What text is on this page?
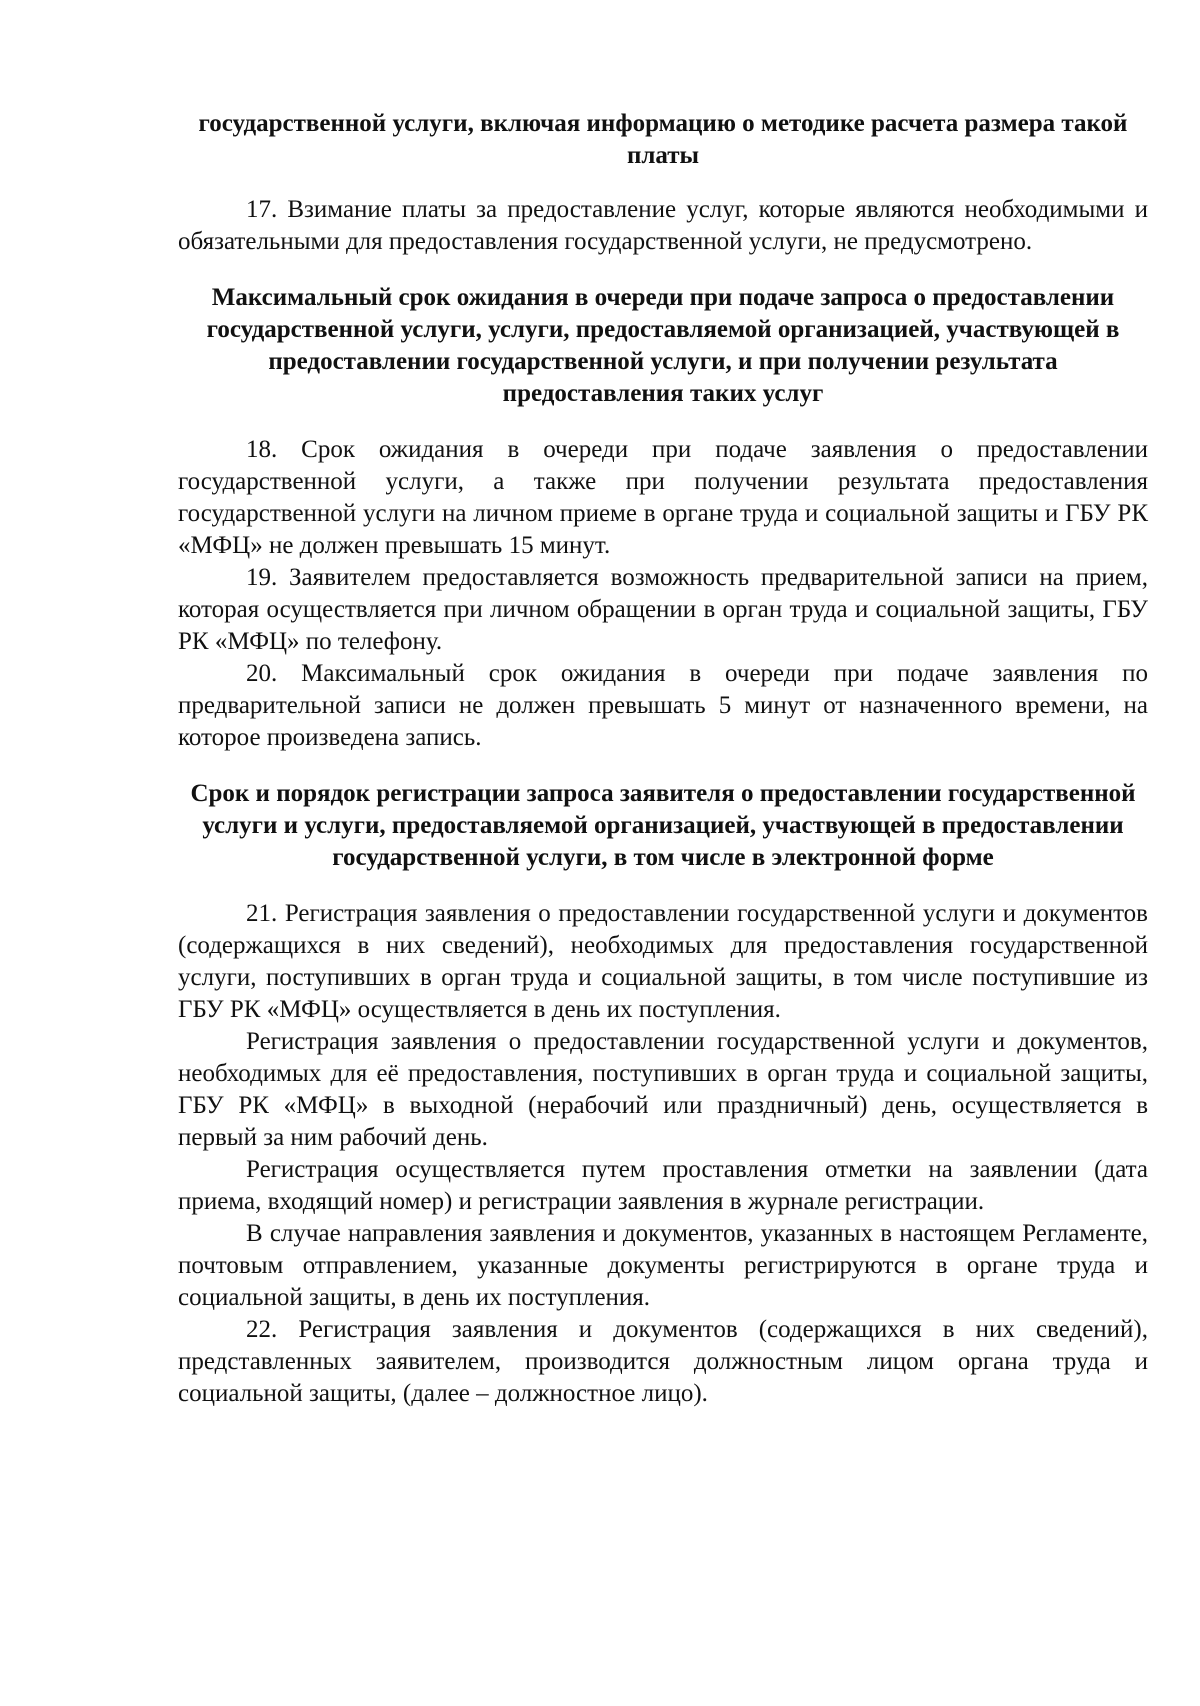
государственной услуги, включая информацию о методике расчета размера такой платы

17. Взимание платы за предоставление услуг, которые являются необходимыми и обязательными для предоставления государственной услуги, не предусмотрено.

Максимальный срок ожидания в очереди при подаче запроса о предоставлении государственной услуги, услуги, предоставляемой организацией, участвующей в предоставлении государственной услуги, и при получении результата предоставления таких услуг

18. Срок ожидания в очереди при подаче заявления о предоставлении государственной услуги, а также при получении результата предоставления государственной услуги на личном приеме в органе труда и социальной защиты и ГБУ РК «МФЦ» не должен превышать 15 минут.

19. Заявителем предоставляется возможность предварительной записи на прием, которая осуществляется при личном обращении в орган труда и социальной защиты, ГБУ РК «МФЦ» по телефону.

20. Максимальный срок ожидания в очереди при подаче заявления по предварительной записи не должен превышать 5 минут от назначенного времени, на которое произведена запись.

Срок и порядок регистрации запроса заявителя о предоставлении государственной услуги и услуги, предоставляемой организацией, участвующей в предоставлении государственной услуги, в том числе в электронной форме

21. Регистрация заявления о предоставлении государственной услуги и документов (содержащихся в них сведений), необходимых для предоставления государственной услуги, поступивших в орган труда и социальной защиты, в том числе поступившие из ГБУ РК «МФЦ» осуществляется в день их поступления.

Регистрация заявления о предоставлении государственной услуги и документов, необходимых для её предоставления, поступивших в орган труда и социальной защиты, ГБУ РК «МФЦ» в выходной (нерабочий или праздничный) день, осуществляется в первый за ним рабочий день.

Регистрация осуществляется путем проставления отметки на заявлении (дата приема, входящий номер) и регистрации заявления в журнале регистрации.

В случае направления заявления и документов, указанных в настоящем Регламенте, почтовым отправлением, указанные документы регистрируются в органе труда и социальной защиты, в день их поступления.

22. Регистрация заявления и документов (содержащихся в них сведений), представленных заявителем, производится должностным лицом органа труда и социальной защиты, (далее – должностное лицо).
